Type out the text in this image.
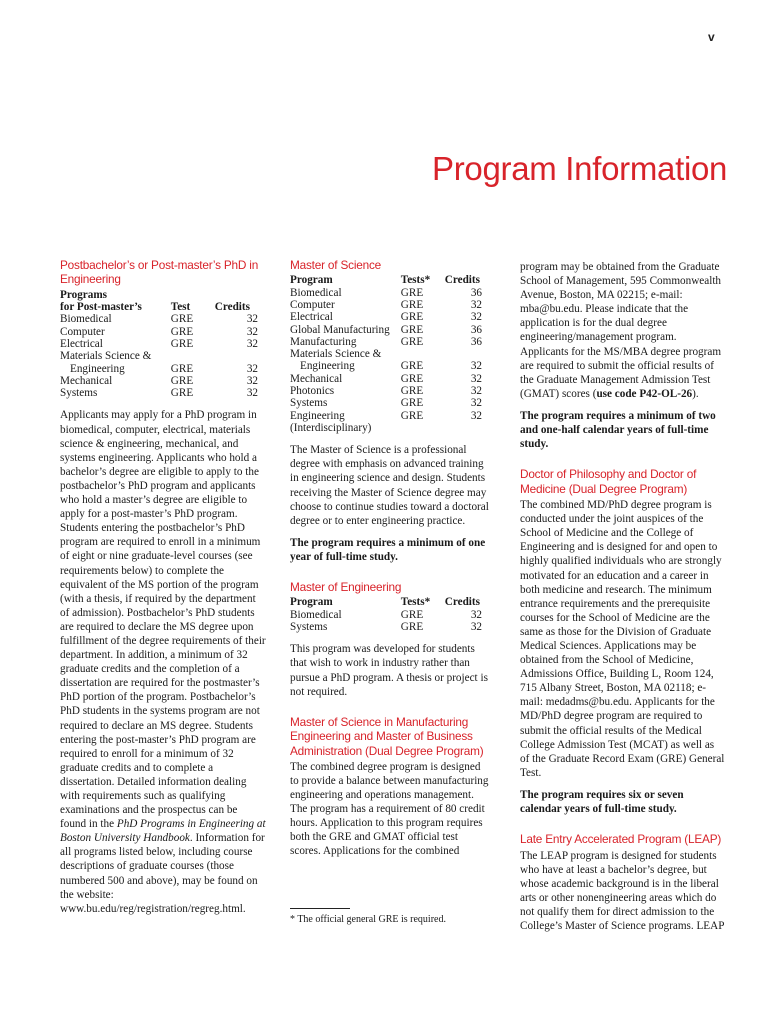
v
Program Information
Postbachelor’s or Post-master’s PhD in Engineering
Programs		
for Post-master’s	Test	Credits
Biomedical	GRE	32
Computer	GRE	32
Electrical	GRE	32
Materials Science &		
Engineering	GRE	32
Mechanical	GRE	32
Systems	GRE	32

Applicants may apply for a PhD program in biomedical, computer, electrical, materials science & engineering, mechanical, and systems engineering. Applicants who hold a bachelor’s degree are eligible to apply to the postbachelor’s PhD program and applicants who hold a master’s degree are eligible to apply for a post-master’s PhD program. Students entering the postbachelor’s PhD program are required to enroll in a minimum of eight or nine graduate-level courses (see requirements below) to complete the equivalent of the MS portion of the program (with a thesis, if required by the department of admission). Postbachelor’s PhD students are required to declare the MS degree upon fulfillment of the degree requirements of their department. In addition, a minimum of 32 graduate credits and the completion of a dissertation are required for the postmaster’s PhD portion of the program. Postbachelor’s PhD students in the systems program are not required to declare an MS degree. Students entering the post-master’s PhD program are required to enroll for a minimum of 32 graduate credits and to complete a dissertation. Detailed information dealing with requirements such as qualifying examinations and the prospectus can be found in the PhD Programs in Engineering at Boston University Handbook. Information for all programs listed below, including course descriptions of graduate courses (those numbered 500 and above), may be found on the website: www.bu.edu/reg/registration/regreg.html.

Master of Science
Program	Tests*	Credits
Biomedical	GRE	36
Computer	GRE	32
Electrical	GRE	32
Global Manufacturing	GRE	36
Manufacturing	GRE	36
Materials Science &		
Engineering	GRE	32
Mechanical	GRE	32
Photonics	GRE	32
Systems	GRE	32
Engineering	GRE	32
(Interdisciplinary)		

The Master of Science is a professional degree with emphasis on advanced training in engineering science and design. Students receiving the Master of Science degree may choose to continue studies toward a doctoral degree or to enter engineering practice.

The program requires a minimum of one year of full-time study.

Master of Engineering
Program	Tests*	Credits
Biomedical	GRE	32
Systems	GRE	32

This program was developed for students that wish to work in industry rather than pursue a PhD program. A thesis or project is not required.

Master of Science in Manufacturing Engineering and Master of Business Administration (Dual Degree Program)

The combined degree program is designed to provide a balance between manufacturing engineering and operations management. The program has a requirement of 80 credit hours. Application to this program requires both the GRE and GMAT official test scores. Applications for the combined

* The official general GRE is required.

program may be obtained from the Graduate School of Management, 595 Commonwealth Avenue, Boston, MA 02215; e-mail: mba@bu.edu. Please indicate that the application is for the dual degree engineering/management program. Applicants for the MS/MBA degree program are required to submit the official results of the Graduate Management Admission Test (GMAT) scores (use code P42-OL-26).

The program requires a minimum of two and one-half calendar years of full-time study.

Doctor of Philosophy and Doctor of Medicine (Dual Degree Program)

The combined MD/PhD degree program is conducted under the joint auspices of the School of Medicine and the College of Engineering and is designed for and open to highly qualified individuals who are strongly motivated for an education and a career in both medicine and research. The minimum entrance requirements and the prerequisite courses for the School of Medicine are the same as those for the Division of Graduate Medical Sciences. Applications may be obtained from the School of Medicine, Admissions Office, Building L, Room 124, 715 Albany Street, Boston, MA 02118; e-mail: medadms@bu.edu. Applicants for the MD/PhD degree program are required to submit the official results of the Medical College Admission Test (MCAT) as well as of the Graduate Record Exam (GRE) General Test.

The program requires six or seven calendar years of full-time study.

Late Entry Accelerated Program (LEAP)

The LEAP program is designed for students who have at least a bachelor’s degree, but whose academic background is in the liberal arts or other nonengineering areas which do not qualify them for direct admission to the College’s Master of Science programs. LEAP
